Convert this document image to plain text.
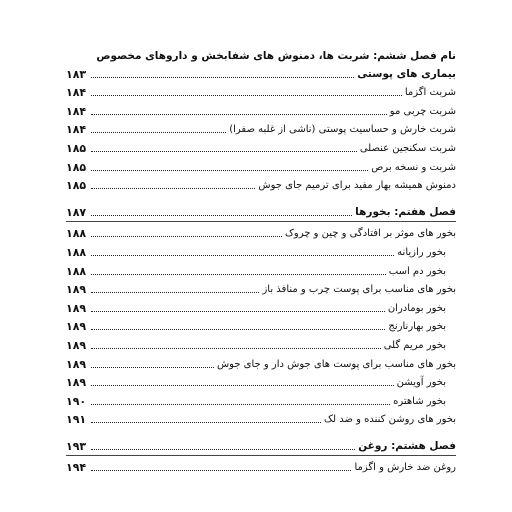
نام فصل ششم: شربت ها، دمنوش های شفابخش و داروهای مخصوص
بیماری های پوستی
۱۸۳
شربت اگزما
۱۸۴
شربت چربی مو
۱۸۴
شربت خارش و حساسیت پوستی (ناشی از غلبه صفرا)
۱۸۴
شربت سکنجین عنصلی
۱۸۵
شربت و نسخه برص
۱۸۵
دمنوش همیشه بهار مفید برای ترمیم جای جوش
۱۸۵
فصل هفتم: بخورها
۱۸۷
بخور های موثر بر افتادگی و چین و چروک
۱۸۸
بخور رازیانه
۱۸۸
بخور دم اسب
۱۸۸
بخور های مناسب برای پوست چرب و منافذ باز
۱۸۹
بخور بومادران
۱۸۹
بخور بهارنارنج
۱۸۹
بخور مریم گلی
۱۸۹
بخور های مناسب برای پوست های جوش دار و جای جوش
۱۸۹
بخور آویشن
۱۸۹
بخور شاهتره
۱۹۰
بخور های روشن کننده و ضد لک
۱۹۱
فصل هشتم: روغن
۱۹۳
روغن ضد خارش و اگزما
۱۹۴
